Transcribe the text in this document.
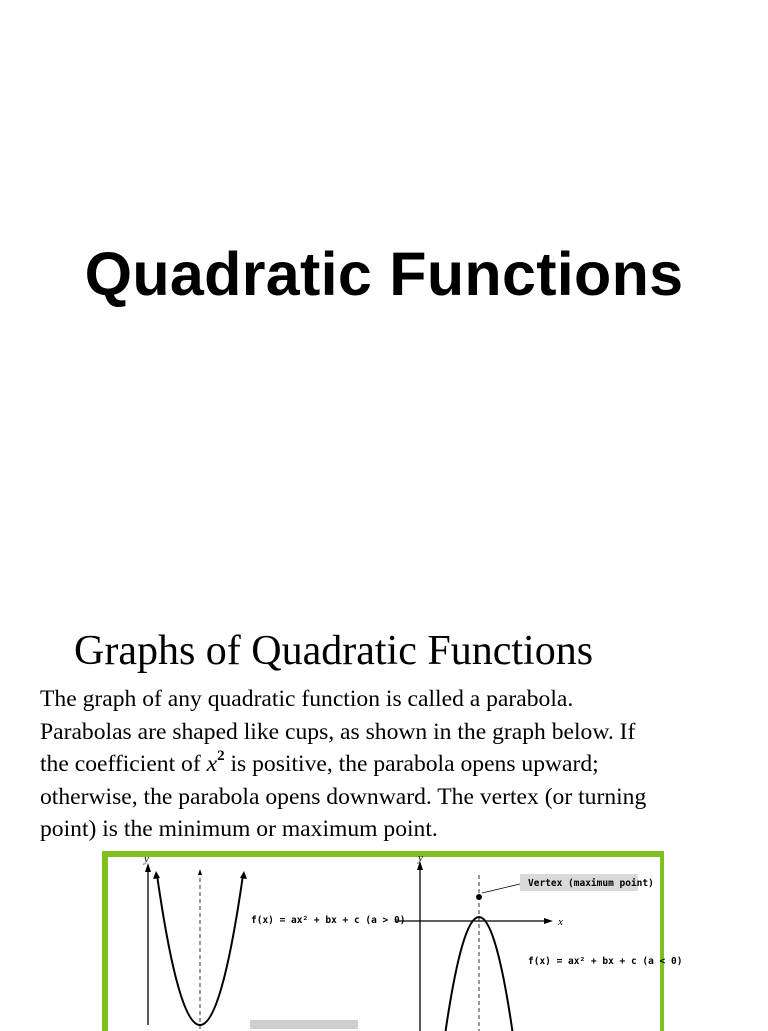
Quadratic Functions
Graphs of Quadratic Functions
The graph of any quadratic function is called a parabola.
Parabolas are shaped like cups, as shown in the graph below. If
the coefficient of $x^2$ is positive, the parabola opens upward;
otherwise, the parabola opens downward. The vertex (or turning
point) is the minimum or maximum point.
y
f(x) = ax² + bx + c (a > 0)
y
x
Vertex (maximum point)
f(x) = ax² + bx + c (a < 0)
